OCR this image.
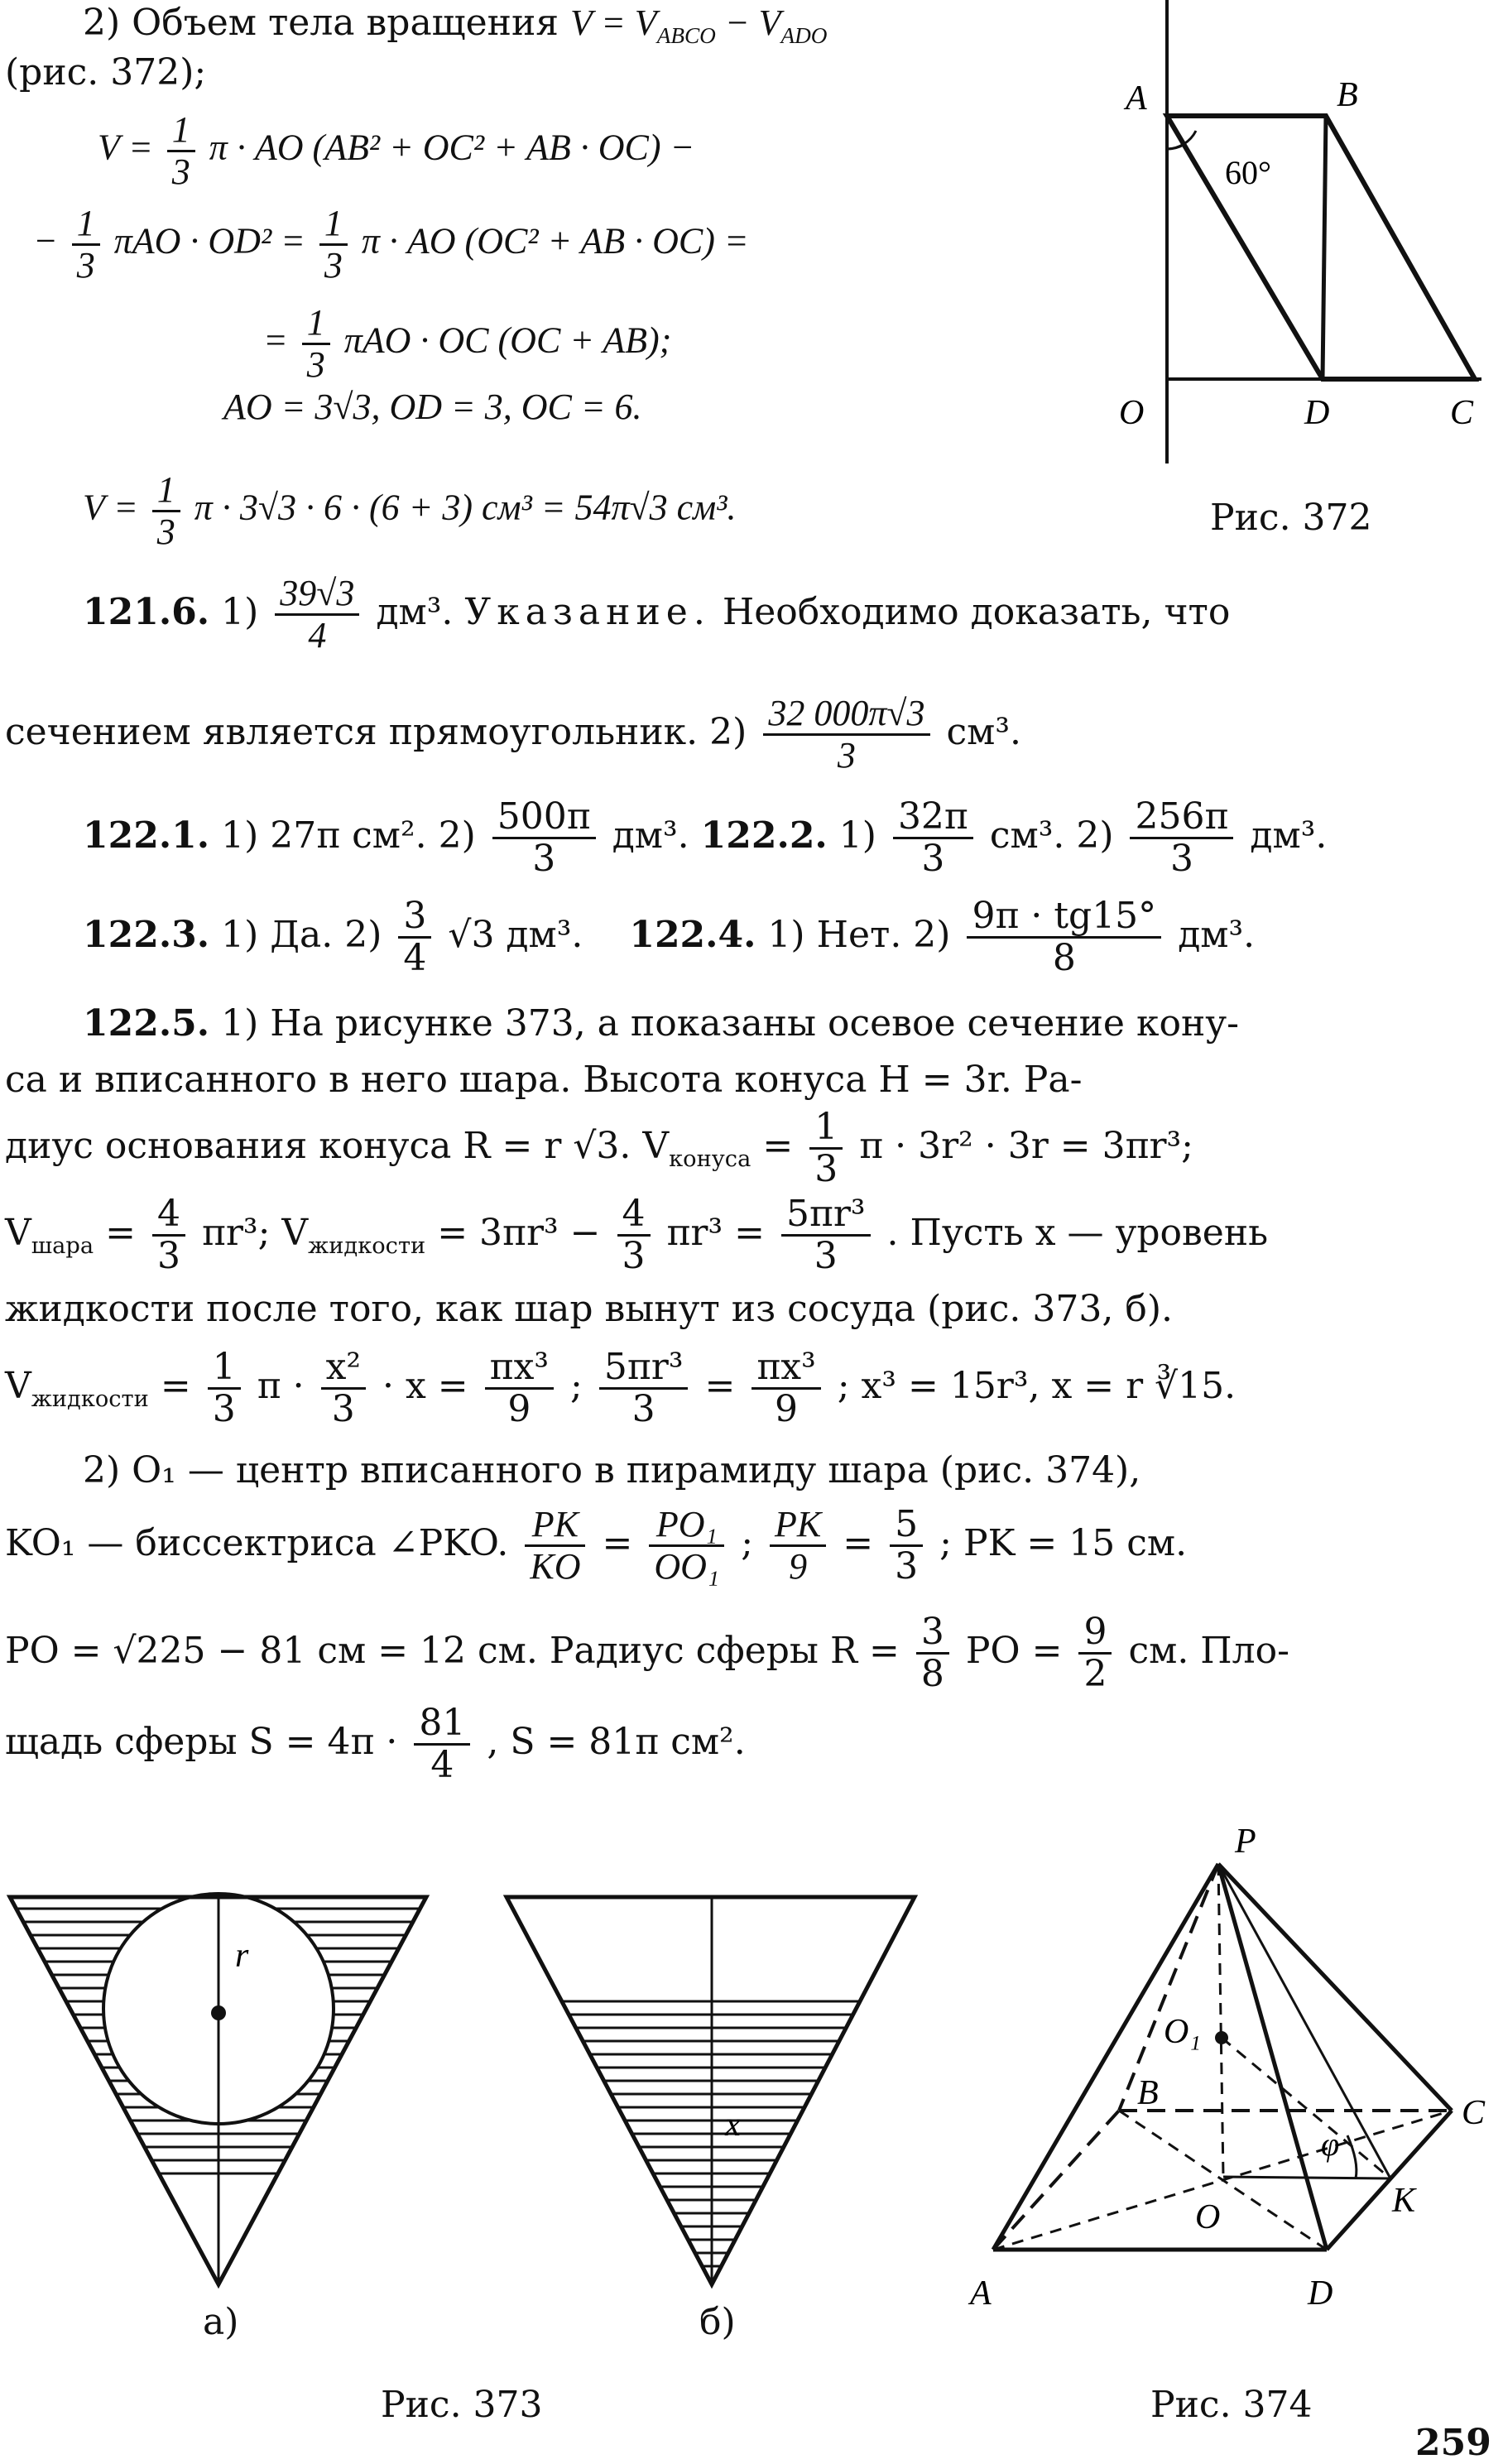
2) Объем тела вращения $V = V_{ABCO} - V_{ADO}$
(рис. 372);
$V = \frac{1}{3}$ π · AO (AB² + OC² + AB · OC) −
− $\frac{1}{3}$ $\pi AO \cdot OD^2 = \frac{1}{3}$ π · AO (OC² + AB · OC) =
= $\frac{1}{3}$ πAO · OC (OC + AB);
AO = 3√3, OD = 3, OC = 6.
$V = \frac{1}{3}$ π · 3√3 · 6 · (6 + 3) см³ = 54π√3 см³.
A	B
60°
O	D	C
Рис. 372
121.6. $1) \frac{39√3}{4} дм^3$. Указание. Необходимо доказать, что
сечением является прямоугольник. $2) \frac{32 000\pi√3}{3} см^3$.
122.1. 1) 27π см². $2) \frac{500\pi}{3} дм^3$. 122.2. $1) \frac{32\pi}{3} см^3$. $2) \frac{256\pi}{3} дм^3$.
122.3. 1) Да. $2) \frac{3}{4} √3$ дм³. 122.4. 1) Нет. $2) \frac{9\pi \cdot tg15^\circ}{8} дм^3$.
122.5. 1) На рисунке 373, а показаны осевое сечение кону-
са и вписанного в него шара. Высота конуса H = 3r. Ра-
диус основания конуса R = r √3. $V_{конуса} = \frac{1}{3}$ π · 3r² · 3r = 3πr³;
$V_{шара} = \frac{4}{3} \pi r^3$; $V_{жидкости} = 3\pi r^3 - \frac{4}{3} \pi r^3 = \frac{\text{5πr³}}{3}$ . Пусть x — уровень
жидкости после того, как шар вынут из сосуда (рис. 373, б).
$V_{жидкости} = \frac{1}{3}$ $\pi \cdot \frac{\text{x²}}{3} \cdot x = \frac{\text{πx³}}{9}$ ; $\frac{\text{5πr³}}{3} = \frac{\text{πx³}}{9}$ ; x³ = 15r³, x = r ∛15.
2) O₁ — центр вписанного в пирамиду шара (рис. 374),
KO₁ — биссектриса ∠PKO. $\frac{PK}{KO} = \frac{\text{PO₁}}{\text{OO₁}}$ ; $\frac{PK}{9} = \frac{5}{3}$ ; PK = 15 см.
PO = √225 − 81 см = 12 см. Радиус сферы $R = \frac{3}{8}$ PO = $\frac{9}{2}$ см. Пло-
щадь сферы $S = 4\pi \cdot \frac{81}{4}$ , S = 81π см².
r
а)
x
б)
Рис. 373
P
O₁
B
C
φ
K
O
A	D
Рис. 374
259
